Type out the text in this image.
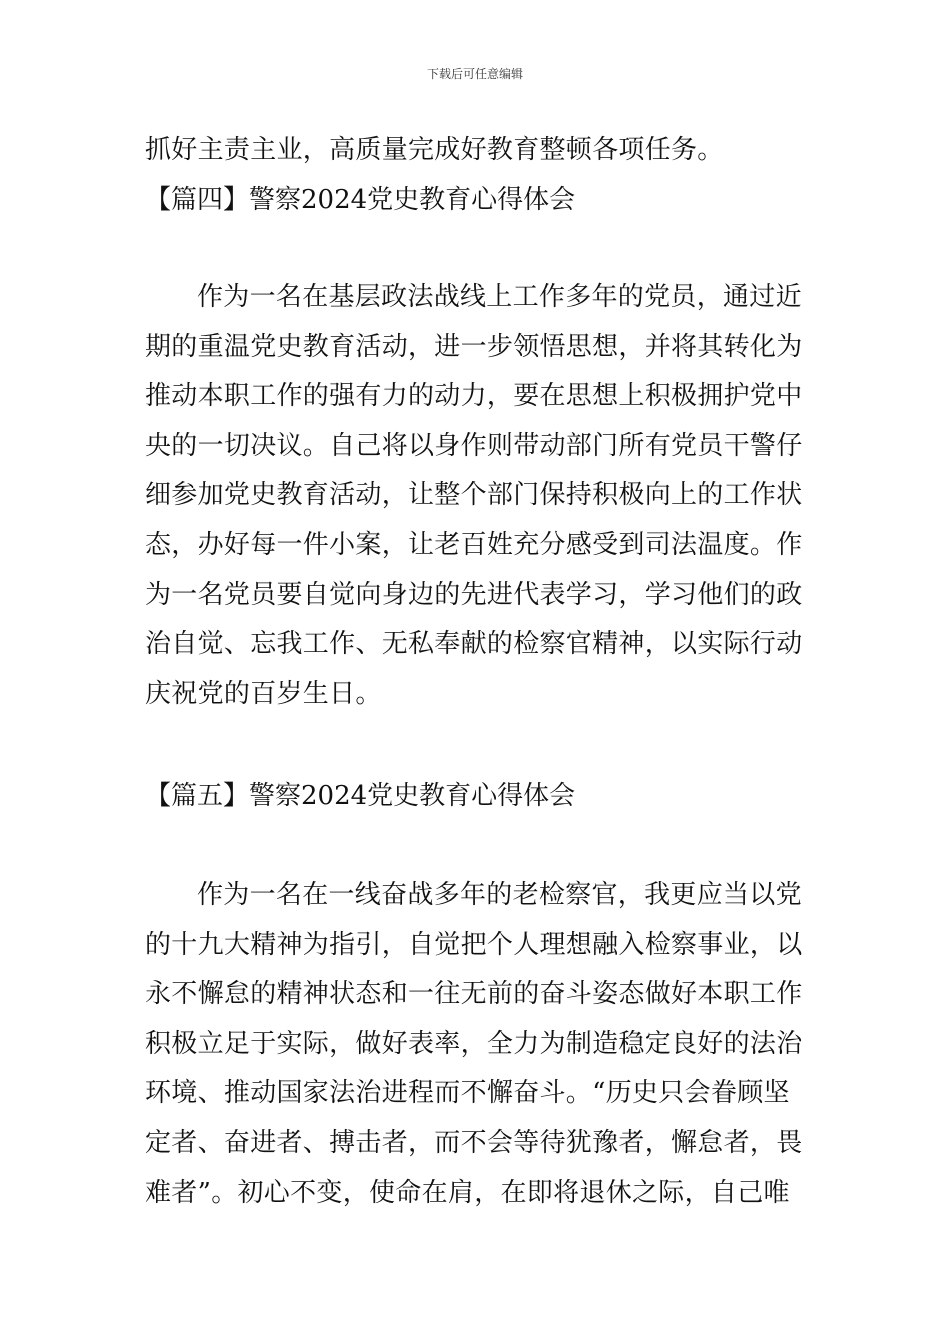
下载后可任意编辑
抓好主责主业，高质量完成好教育整顿各项任务。
【篇四】警察2024党史教育心得体会
作为一名在基层政法战线上工作多年的党员，通过近
期的重温党史教育活动，进一步领悟思想，并将其转化为
推动本职工作的强有力的动力，要在思想上积极拥护党中
央的一切决议。自己将以身作则带动部门所有党员干警仔
细参加党史教育活动，让整个部门保持积极向上的工作状
态，办好每一件小案，让老百姓充分感受到司法温度。作
为一名党员要自觉向身边的先进代表学习，学习他们的政
治自觉、忘我工作、无私奉献的检察官精神，以实际行动
庆祝党的百岁生日。
【篇五】警察2024党史教育心得体会
作为一名在一线奋战多年的老检察官，我更应当以党
的十九大精神为指引，自觉把个人理想融入检察事业，以
永不懈怠的精神状态和一往无前的奋斗姿态做好本职工作
积极立足于实际，做好表率，全力为制造稳定良好的法治
环境、推动国家法治进程而不懈奋斗。“历史只会眷顾坚
定者、奋进者、搏击者，而不会等待犹豫者，懈怠者，畏
难者”。初心不变，使命在肩，在即将退休之际，自己唯
